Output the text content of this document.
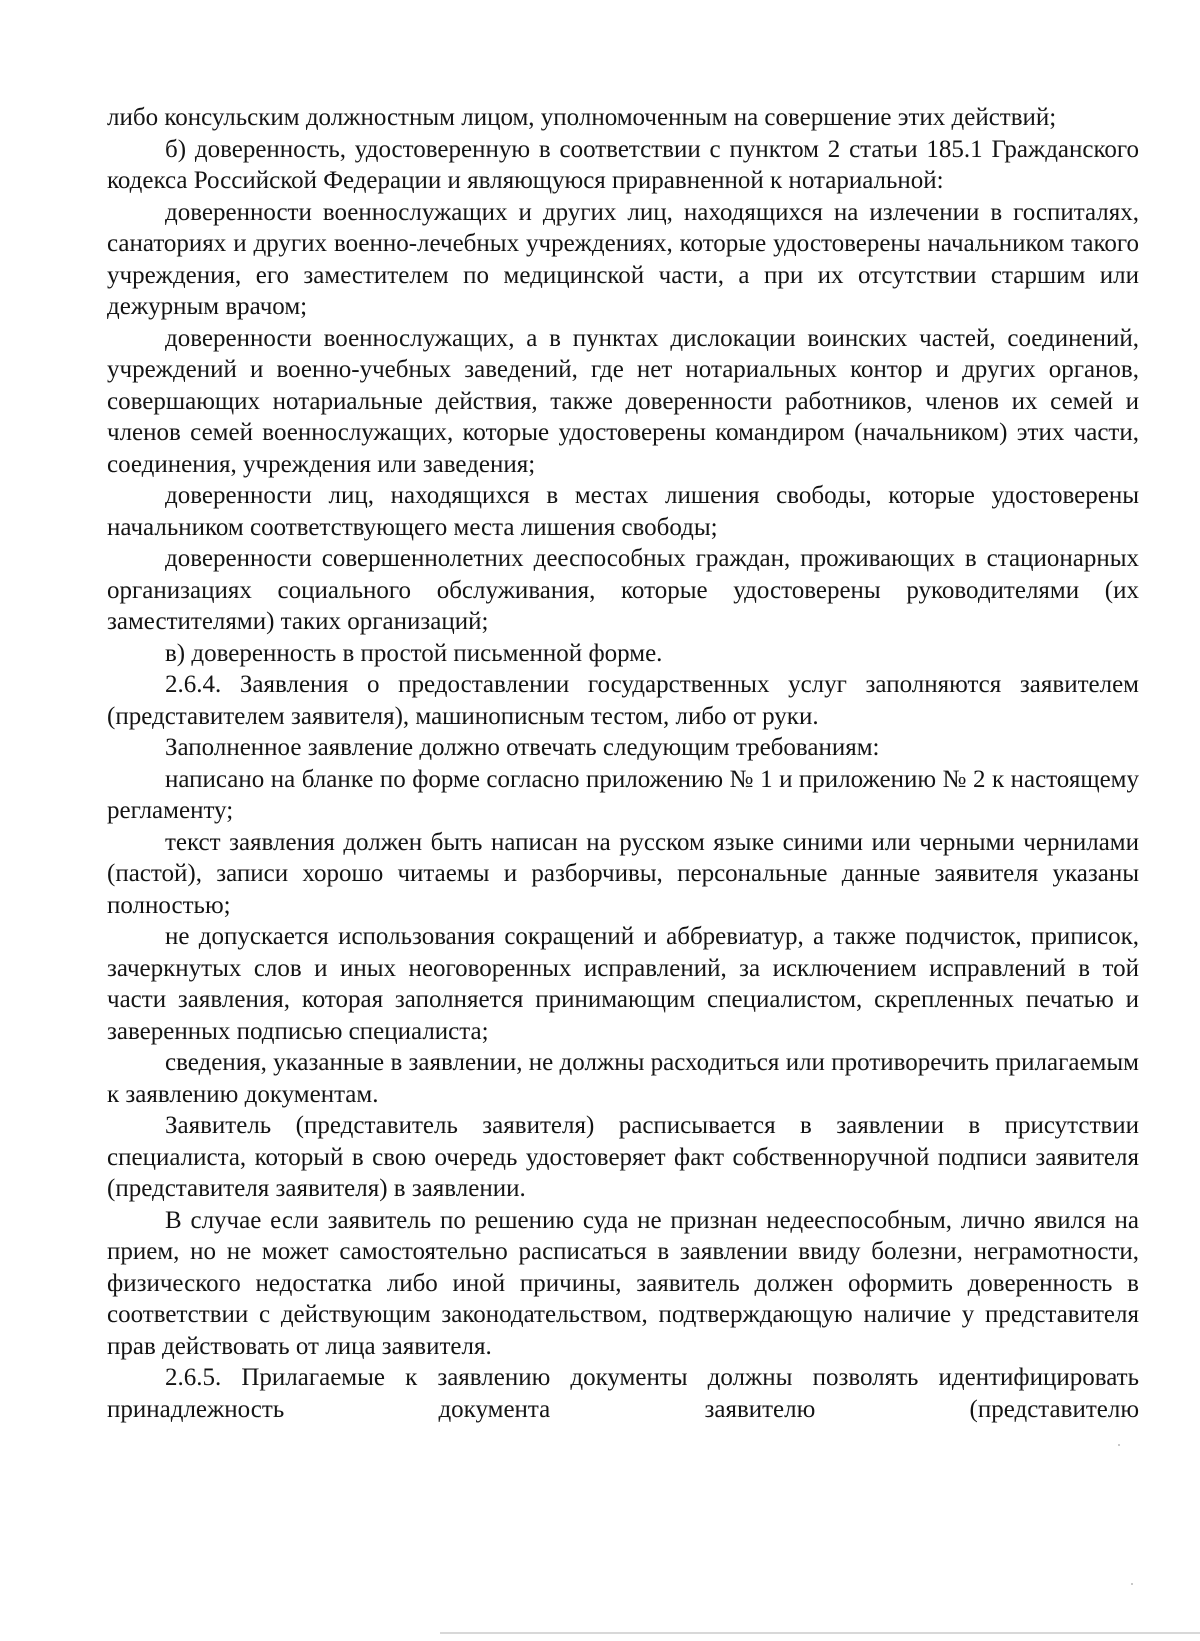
либо консульским должностным лицом, уполномоченным на совершение этих действий;

б) доверенность, удостоверенную в соответствии с пунктом 2 статьи 185.1 Гражданского кодекса Российской Федерации и являющуюся приравненной к нотариальной:

доверенности военнослужащих и других лиц, находящихся на излечении в госпиталях, санаториях и других военно-лечебных учреждениях, которые удостоверены начальником такого учреждения, его заместителем по медицинской части, а при их отсутствии старшим или дежурным врачом;

доверенности военнослужащих, а в пунктах дислокации воинских частей, соединений, учреждений и военно-учебных заведений, где нет нотариальных контор и других органов, совершающих нотариальные действия, также доверенности работников, членов их семей и членов семей военнослужащих, которые удостоверены командиром (начальником) этих части, соединения, учреждения или заведения;

доверенности лиц, находящихся в местах лишения свободы, которые удостоверены начальником соответствующего места лишения свободы;

доверенности совершеннолетних дееспособных граждан, проживающих в стационарных организациях социального обслуживания, которые удостоверены руководителями (их заместителями) таких организаций;

в) доверенность в простой письменной форме.

2.6.4. Заявления о предоставлении государственных услуг заполняются заявителем (представителем заявителя), машинописным тестом, либо от руки.

Заполненное заявление должно отвечать следующим требованиям:

написано на бланке по форме согласно приложению № 1 и приложению № 2 к настоящему регламенту;

текст заявления должен быть написан на русском языке синими или черными чернилами (пастой), записи хорошо читаемы и разборчивы, персональные данные заявителя указаны полностью;

не допускается использования сокращений и аббревиатур, а также подчисток, приписок, зачеркнутых слов и иных неоговоренных исправлений, за исключением исправлений в той части заявления, которая заполняется принимающим специалистом, скрепленных печатью и заверенных подписью специалиста;

сведения, указанные в заявлении, не должны расходиться или противоречить прилагаемым к заявлению документам.

Заявитель (представитель заявителя) расписывается в заявлении в присутствии специалиста, который в свою очередь удостоверяет факт собственноручной подписи заявителя (представителя заявителя) в заявлении.

В случае если заявитель по решению суда не признан недееспособным, лично явился на прием, но не может самостоятельно расписаться в заявлении ввиду болезни, неграмотности, физического недостатка либо иной причины, заявитель должен оформить доверенность в соответствии с действующим законодательством, подтверждающую наличие у представителя прав действовать от лица заявителя.

2.6.5. Прилагаемые к заявлению документы должны позволять идентифицировать принадлежность документа заявителю (представителю
